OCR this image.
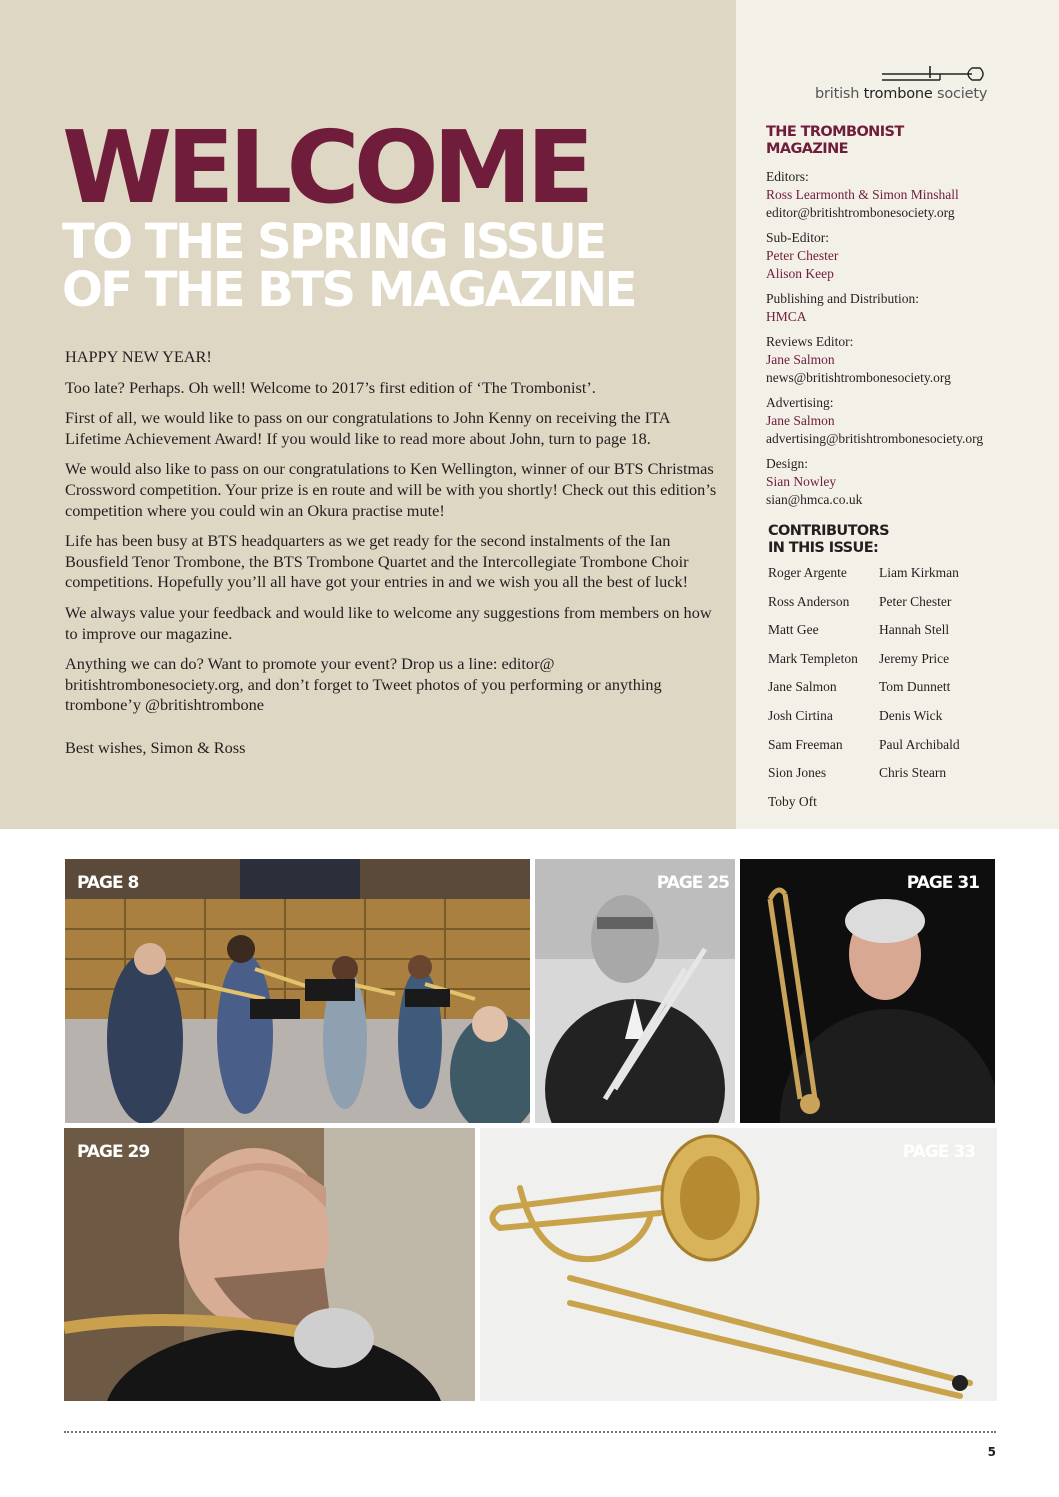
british trombone society
WELCOME
TO THE SPRING ISSUE
OF THE BTS MAGAZINE

HAPPY NEW YEAR!

Too late? Perhaps. Oh well! Welcome to 2017’s first edition of ‘The Trombonist’.

First of all, we would like to pass on our congratulations to John Kenny on receiving the ITA Lifetime Achievement Award! If you would like to read more about John, turn to page 18.

We would also like to pass on our congratulations to Ken Wellington, winner of our BTS Christmas Crossword competition. Your prize is en route and will be with you shortly! Check out this edition’s competition where you could win an Okura practise mute!

Life has been busy at BTS headquarters as we get ready for the second instalments of the Ian Bousfield Tenor Trombone, the BTS Trombone Quartet and the Intercollegiate Trombone Choir competitions. Hopefully you’ll all have got your entries in and we wish you all the best of luck!

We always value your feedback and would like to welcome any suggestions from members on how to improve our magazine.

Anything we can do? Want to promote your event? Drop us a line: editor@ britishtrombonesociety.org, and don’t forget to Tweet photos of you performing or anything trombone’y @britishtrombone

Best wishes, Simon & Ross

THE TROMBONIST
MAGAZINE
Editors:
Ross Learmonth & Simon Minshall
editor@britishtrombonesociety.org
Sub-Editor:
Peter Chester
Alison Keep
Publishing and Distribution:
HMCA
Reviews Editor:
Jane Salmon
news@britishtrombonesociety.org
Advertising:
Jane Salmon
advertising@britishtrombonesociety.org
Design:
Sian Nowley
sian@hmca.co.uk
CONTRIBUTORS
IN THIS ISSUE:
Roger Argente	Liam Kirkman
Ross Anderson	Peter Chester
Matt Gee	Hannah Stell
Mark Templeton	Jeremy Price
Jane Salmon	Tom Dunnett
Josh Cirtina	Denis Wick
Sam Freeman	Paul Archibald
Sion Jones	Chris Stearn
Toby Oft
PAGE 8	PAGE 25	PAGE 31
PAGE 29	PAGE 33
5
